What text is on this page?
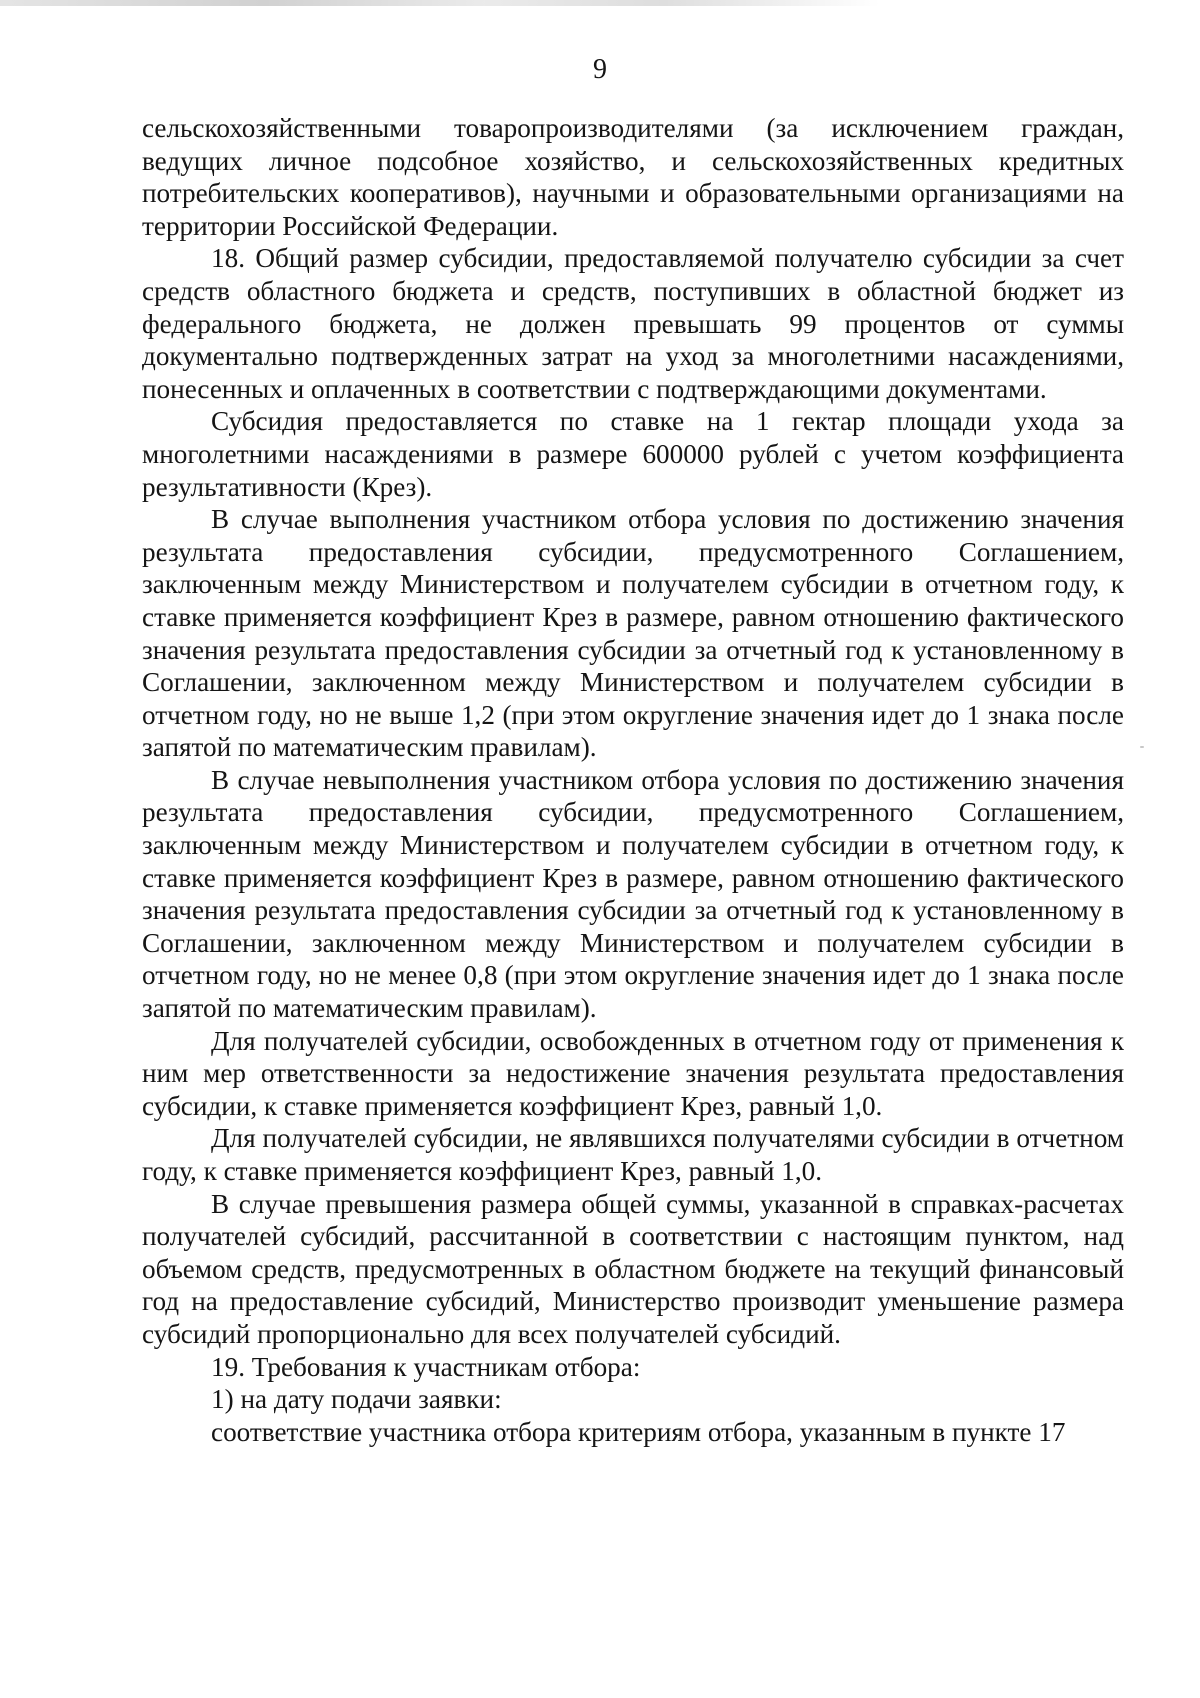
9

сельскохозяйственными товаропроизводителями (за исключением граждан, ведущих личное подсобное хозяйство, и сельскохозяйственных кредитных потребительских кооперативов), научными и образовательными организациями на территории Российской Федерации.

18. Общий размер субсидии, предоставляемой получателю субсидии за счет средств областного бюджета и средств, поступивших в областной бюджет из федерального бюджета, не должен превышать 99 процентов от суммы документально подтвержденных затрат на уход за многолетними насаждениями, понесенных и оплаченных в соответствии с подтверждающими документами.

Субсидия предоставляется по ставке на 1 гектар площади ухода за многолетними насаждениями в размере 600000 рублей с учетом коэффициента результативности (Крез).

В случае выполнения участником отбора условия по достижению значения результата предоставления субсидии, предусмотренного Соглашением, заключенным между Министерством и получателем субсидии в отчетном году, к ставке применяется коэффициент Крез в размере, равном отношению фактического значения результата предоставления субсидии за отчетный год к установленному в Соглашении, заключенном между Министерством и получателем субсидии в отчетном году, но не выше 1,2 (при этом округление значения идет до 1 знака после запятой по математическим правилам).

В случае невыполнения участником отбора условия по достижению значения результата предоставления субсидии, предусмотренного Соглашением, заключенным между Министерством и получателем субсидии в отчетном году, к ставке применяется коэффициент Крез в размере, равном отношению фактического значения результата предоставления субсидии за отчетный год к установленному в Соглашении, заключенном между Министерством и получателем субсидии в отчетном году, но не менее 0,8 (при этом округление значения идет до 1 знака после запятой по математическим правилам).

Для получателей субсидии, освобожденных в отчетном году от применения к ним мер ответственности за недостижение значения результата предоставления субсидии, к ставке применяется коэффициент Крез, равный 1,0.

Для получателей субсидии, не являвшихся получателями субсидии в отчетном году, к ставке применяется коэффициент Крез, равный 1,0.

В случае превышения размера общей суммы, указанной в справках-расчетах получателей субсидий, рассчитанной в соответствии с настоящим пунктом, над объемом средств, предусмотренных в областном бюджете на текущий финансовый год на предоставление субсидий, Министерство производит уменьшение размера субсидий пропорционально для всех получателей субсидий.

19. Требования к участникам отбора:

1) на дату подачи заявки:

соответствие участника отбора критериям отбора, указанным в пункте 17
